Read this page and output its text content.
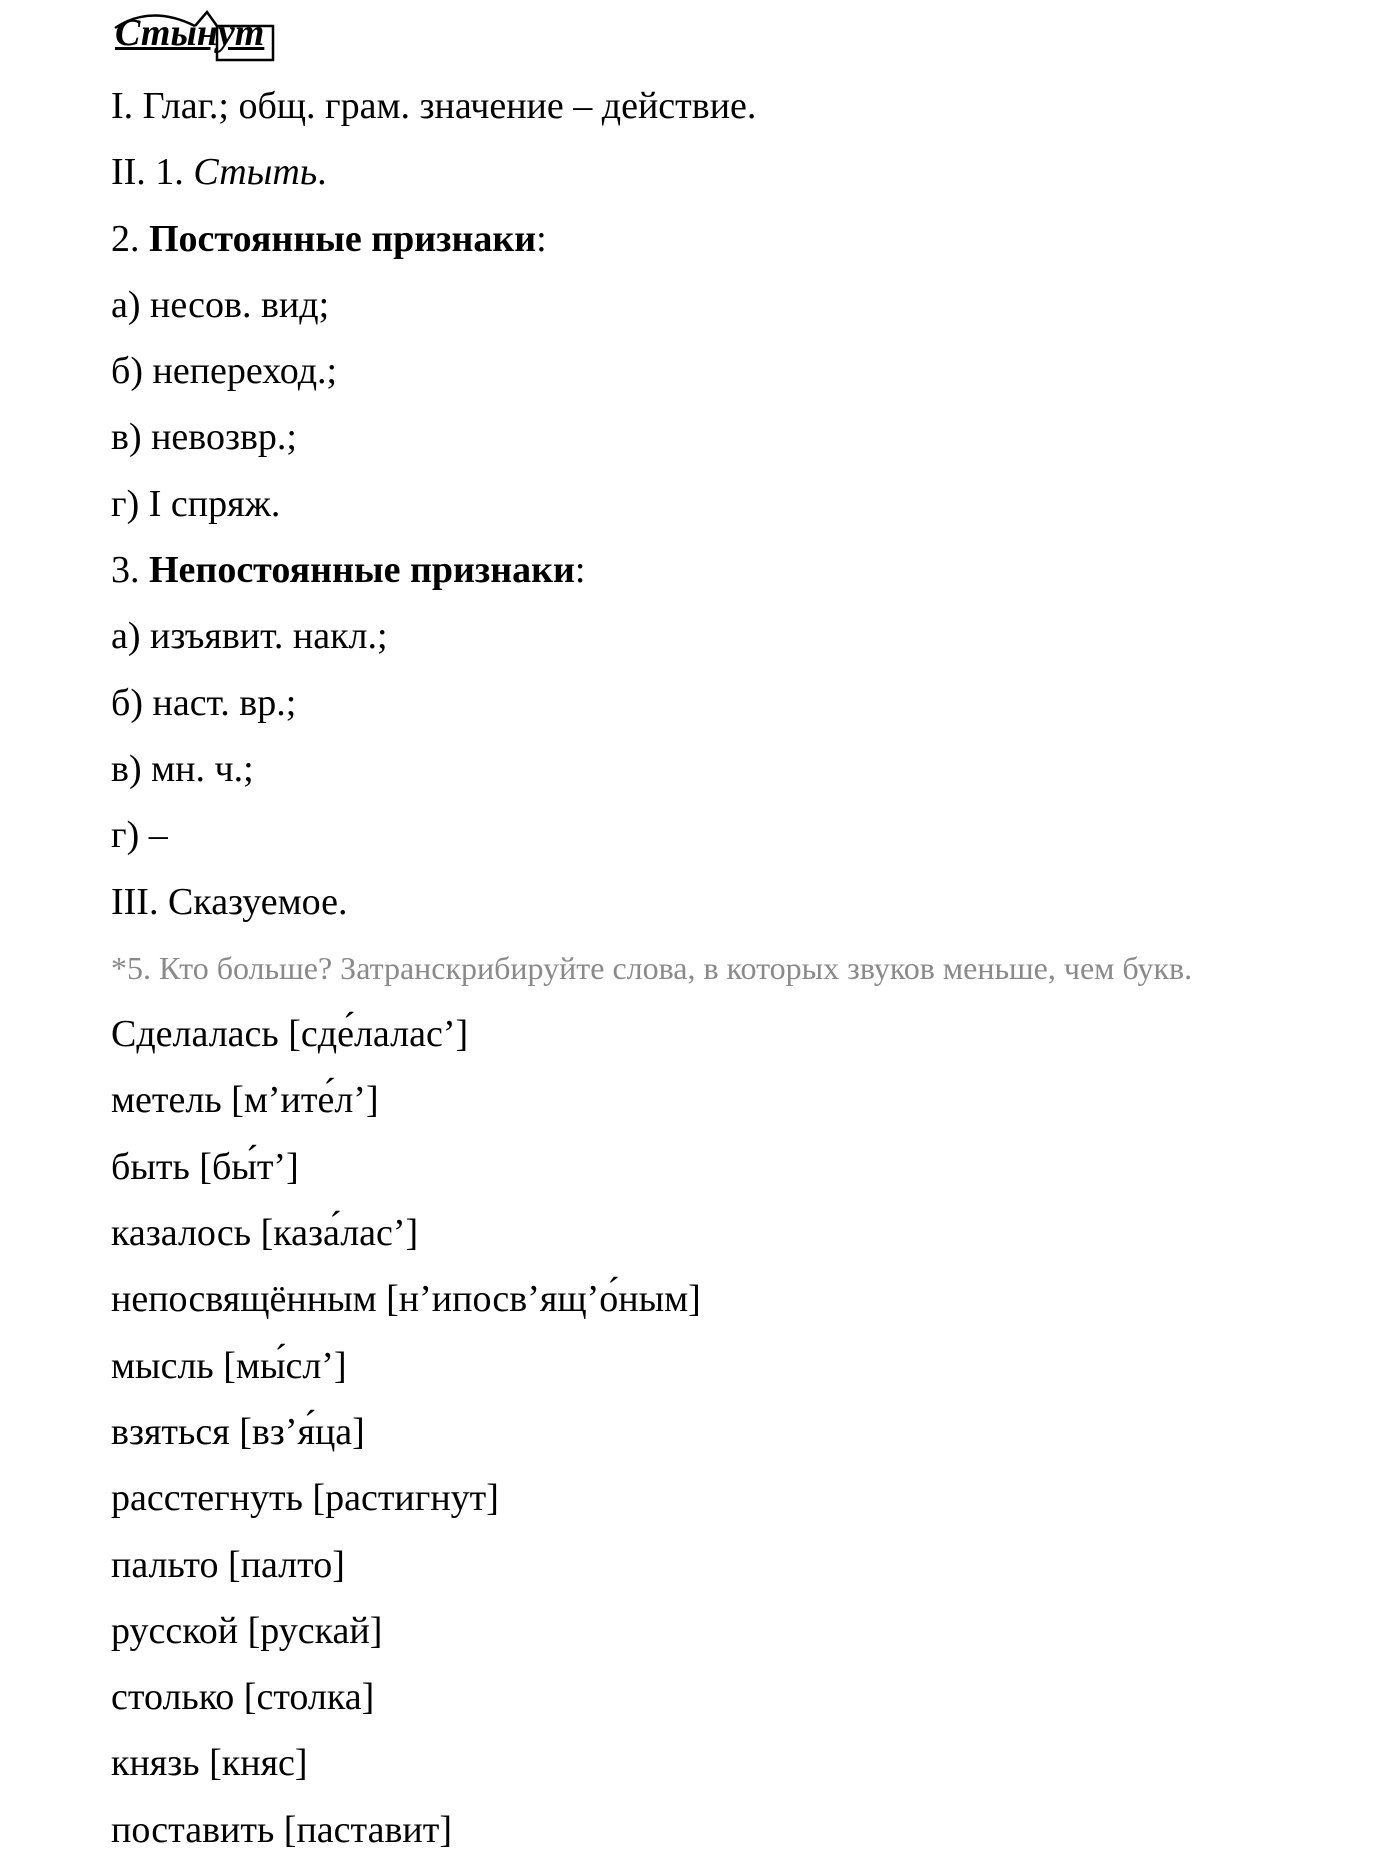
Стынут
I. Глаг.; общ. грам. значение – действие.
II. 1. Стыть.
2. Постоянные признаки:
а) несов. вид;
б) непереход.;
в) невозвр.;
г) I спряж.
3. Непостоянные признаки:
а) изъявит. накл.;
б) наст. вр.;
в) мн. ч.;
г) –
III. Сказуемое.
*5. Кто больше? Затранскрибируйте слова, в которых звуков меньше, чем букв.
Сделалась [сде́лалас’]
метель [м’ите́л’]
быть [бы́т’]
казалось [каза́лас’]
непосвящённым [н’ипосв’ящ’о́ным]
мысль [мы́сл’]
взяться [вз’я́ца]
расстегнуть [растигнут]
пальто [палто]
русской [рускай]
столько [столка]
князь [княс]
поставить [паставит]
